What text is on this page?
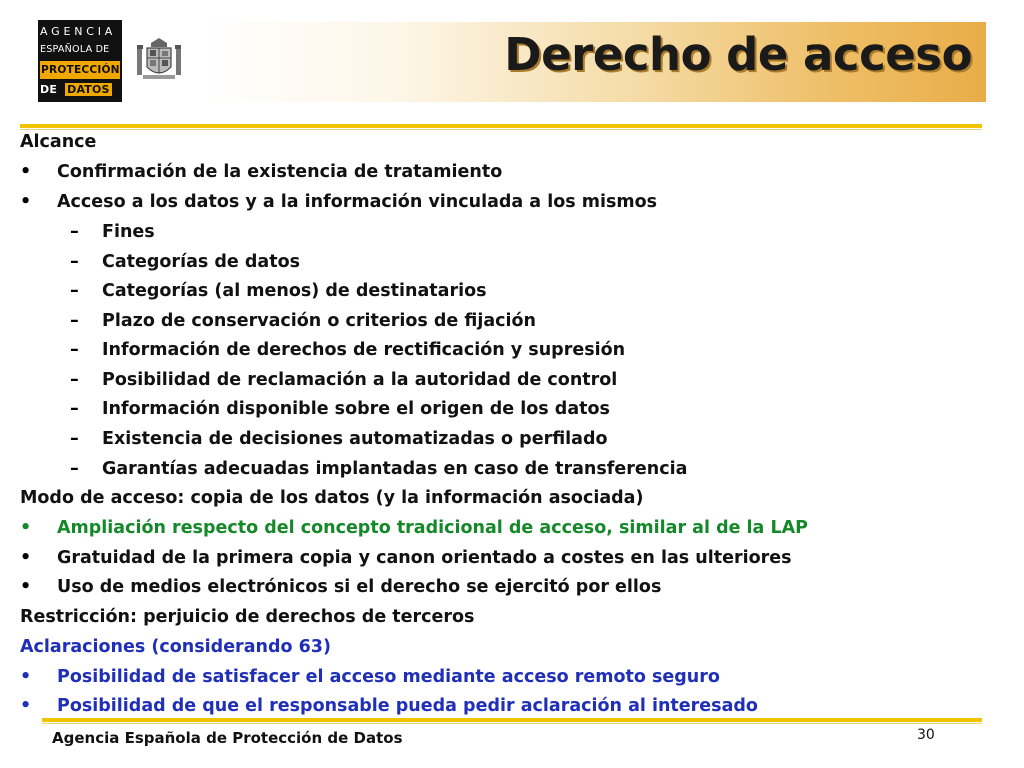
AGENCIA
ESPAÑOLA DE
PROTECCIÓN
DE DATOS
Derecho de acceso
Alcance
• Confirmación de la existencia de tratamiento
• Acceso a los datos y a la información vinculada a los mismos
– Fines
– Categorías de datos
– Categorías (al menos) de destinatarios
– Plazo de conservación o criterios de fijación
– Información de derechos de rectificación y supresión
– Posibilidad de reclamación a la autoridad de control
– Información disponible sobre el origen de los datos
– Existencia de decisiones automatizadas o perfilado
– Garantías adecuadas implantadas en caso de transferencia
Modo de acceso: copia de los datos (y la información asociada)
• Ampliación respecto del concepto tradicional de acceso, similar al de la LAP
• Gratuidad de la primera copia y canon orientado a costes en las ulteriores
• Uso de medios electrónicos si el derecho se ejercitó por ellos
Restricción: perjuicio de derechos de terceros
Aclaraciones (considerando 63)
• Posibilidad de satisfacer el acceso mediante acceso remoto seguro
• Posibilidad de que el responsable pueda pedir aclaración al interesado
Agencia Española de Protección de Datos	30
